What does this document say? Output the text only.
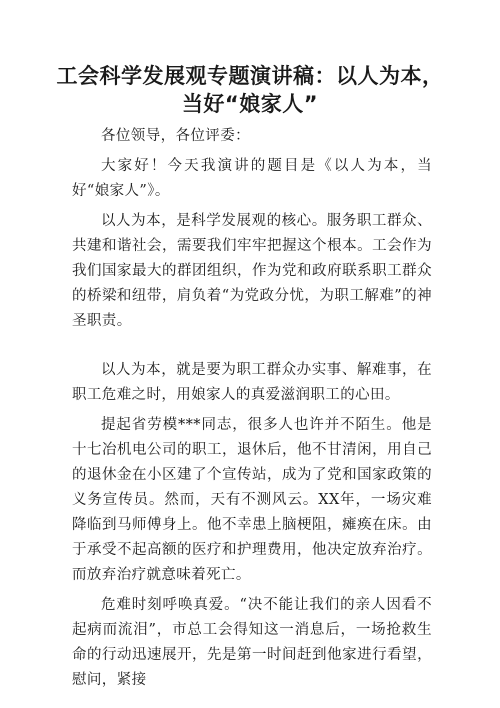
工会科学发展观专题演讲稿：以人为本，
当好“娘家人”

各位领导，各位评委：

大家好！今天我演讲的题目是《以人为本，当好“娘家人”》。

以人为本，是科学发展观的核心。服务职工群众、共建和谐社会，需要我们牢牢把握这个根本。工会作为我们国家最大的群团组织，作为党和政府联系职工群众的桥梁和纽带，肩负着“为党政分忧，为职工解难”的神圣职责。

以人为本，就是要为职工群众办实事、解难事，在职工危难之时，用娘家人的真爱滋润职工的心田。

提起省劳模***同志，很多人也许并不陌生。他是十七冶机电公司的职工，退休后，他不甘清闲，用自己的退休金在小区建了个宣传站，成为了党和国家政策的义务宣传员。然而，天有不测风云。XX年，一场灾难降临到马师傅身上。他不幸患上脑梗阻，瘫痪在床。由于承受不起高额的医疗和护理费用，他决定放弃治疗。而放弃治疗就意味着死亡。

危难时刻呼唤真爱。“决不能让我们的亲人因看不起病而流泪”，市总工会得知这一消息后，一场抢救生命的行动迅速展开，先是第一时间赶到他家进行看望，慰问，紧接
